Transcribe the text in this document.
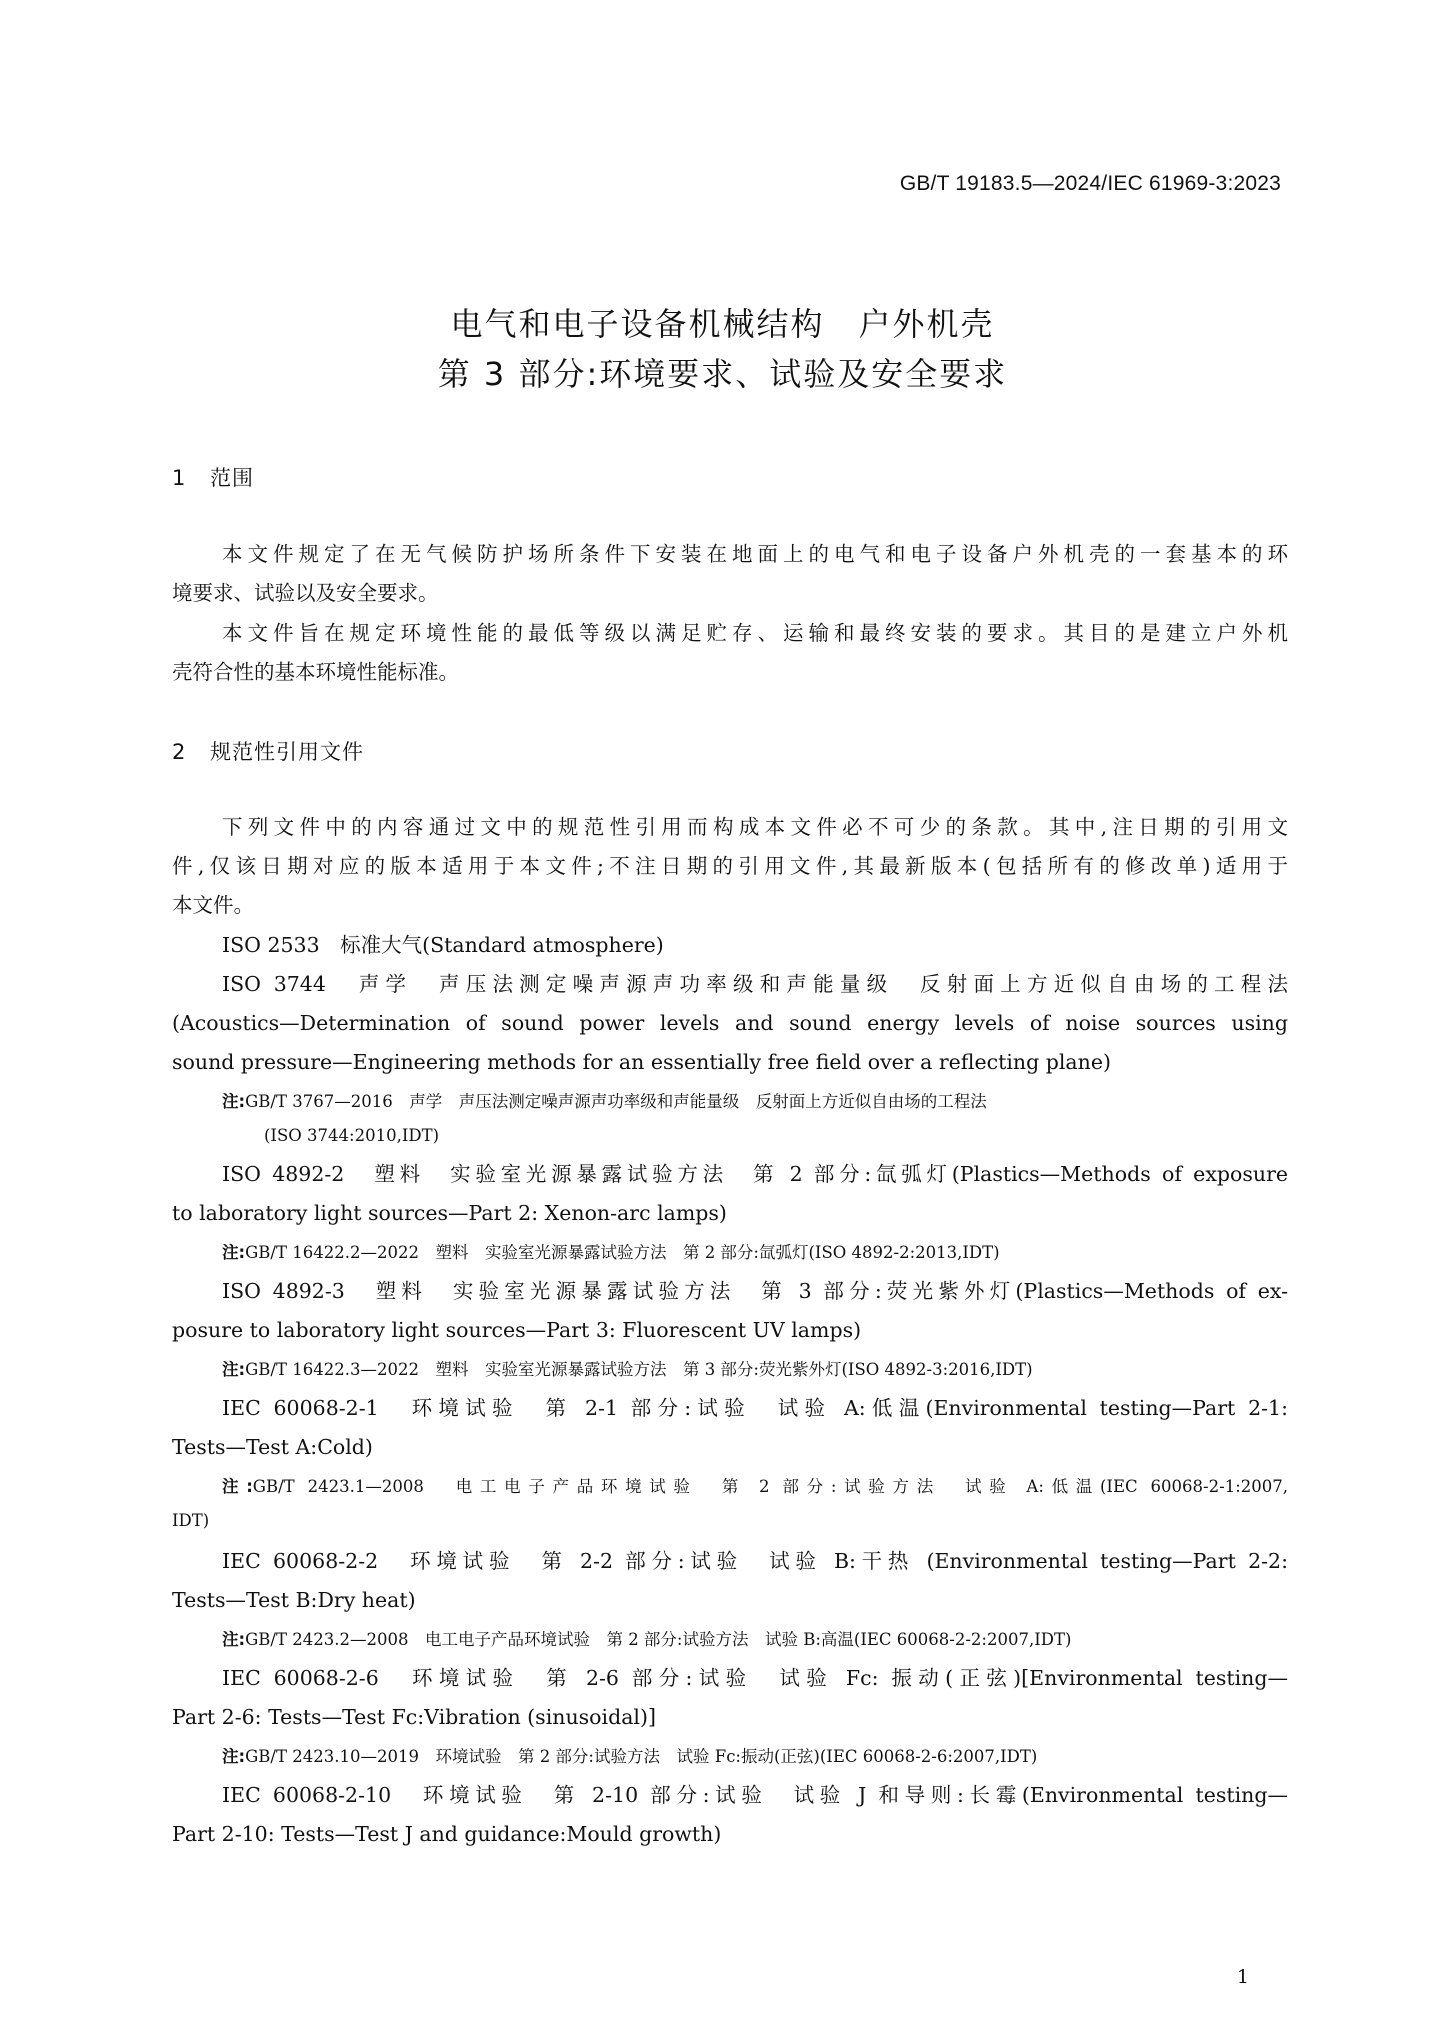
GB/T 19183.5—2024/IEC 61969-3:2023
电气和电子设备机械结构　户外机壳
第 3 部分:环境要求、试验及安全要求
1 范围

本文件规定了在无气候防护场所条件下安装在地面上的电气和电子设备户外机壳的一套基本的环

境要求、试验以及安全要求。

本文件旨在规定环境性能的最低等级以满足贮存、运输和最终安装的要求。其目的是建立户外机

壳符合性的基本环境性能标准。

2 规范性引用文件

下列文件中的内容通过文中的规范性引用而构成本文件必不可少的条款。其中,注日期的引用文

件,仅该日期对应的版本适用于本文件;不注日期的引用文件,其最新版本(包括所有的修改单)适用于

本文件。

ISO 2533　标准大气(Standard atmosphere)

ISO 3744　声学　声压法测定噪声源声功率级和声能量级　反射面上方近似自由场的工程法

(Acoustics—Determination of sound power levels and sound energy levels of noise sources using

sound pressure—Engineering methods for an essentially free field over a reflecting plane)

注:GB/T 3767—2016　声学　声压法测定噪声源声功率级和声能量级　反射面上方近似自由场的工程法

(ISO 3744:2010,IDT)

ISO 4892-2　塑料　实验室光源暴露试验方法　第 2 部分:氙弧灯(Plastics—Methods of exposure

to laboratory light sources—Part 2: Xenon-arc lamps)

注:GB/T 16422.2—2022　塑料　实验室光源暴露试验方法　第 2 部分:氙弧灯(ISO 4892-2:2013,IDT)

ISO 4892-3　塑料　实验室光源暴露试验方法　第 3 部分:荧光紫外灯(Plastics—Methods of ex-

posure to laboratory light sources—Part 3: Fluorescent UV lamps)

注:GB/T 16422.3—2022　塑料　实验室光源暴露试验方法　第 3 部分:荧光紫外灯(ISO 4892-3:2016,IDT)

IEC 60068-2-1　环境试验　第 2-1 部分:试验　试验 A:低温(Environmental testing—Part 2-1:

Tests—Test A:Cold)

注:GB/T 2423.1—2008　电工电子产品环境试验　第 2 部分:试验方法　试验 A:低温(IEC 60068-2-1:2007,

IDT)

IEC 60068-2-2　环境试验　第 2-2 部分:试验　试验 B:干热 (Environmental testing—Part 2-2:

Tests—Test B:Dry heat)

注:GB/T 2423.2—2008　电工电子产品环境试验　第 2 部分:试验方法　试验 B:高温(IEC 60068-2-2:2007,IDT)

IEC 60068-2-6　环境试验　第 2-6 部分:试验　试验 Fc: 振动(正弦)[Environmental testing—

Part 2-6: Tests—Test Fc:Vibration (sinusoidal)]

注:GB/T 2423.10—2019　环境试验　第 2 部分:试验方法　试验 Fc:振动(正弦)(IEC 60068-2-6:2007,IDT)

IEC 60068-2-10　环境试验　第 2-10 部分:试验　试验 J 和导则:长霉(Environmental testing—

Part 2-10: Tests—Test J and guidance:Mould growth)

1
